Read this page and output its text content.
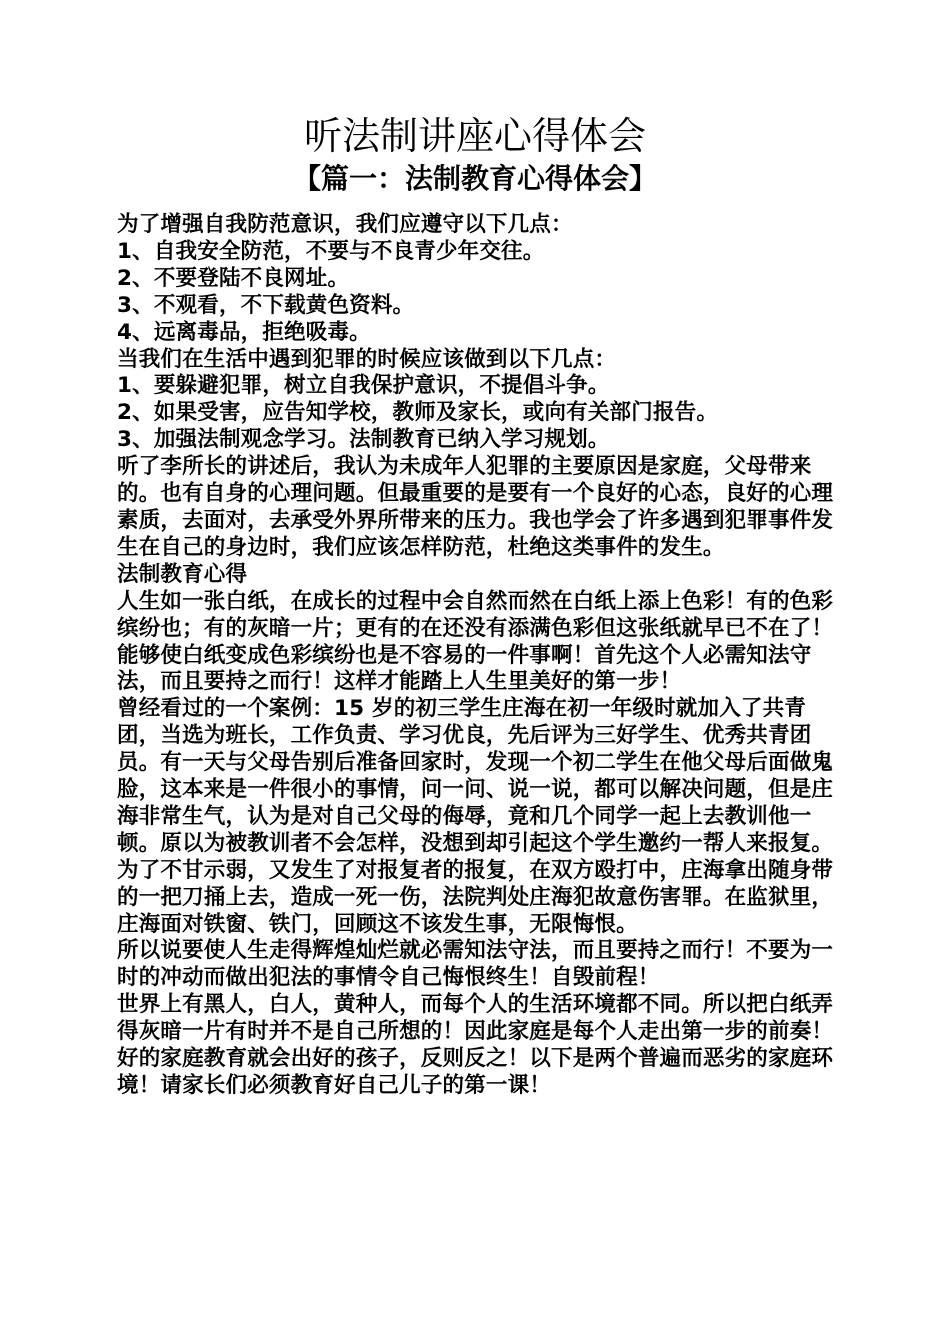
听法制讲座心得体会
【篇一：法制教育心得体会】

为了增强自我防范意识，我们应遵守以下几点：

1、自我安全防范，不要与不良青少年交往。

2、不要登陆不良网址。

3、不观看，不下载黄色资料。

4、远离毒品，拒绝吸毒。

当我们在生活中遇到犯罪的时候应该做到以下几点：

1、要躲避犯罪，树立自我保护意识，不提倡斗争。

2、如果受害，应告知学校，教师及家长，或向有关部门报告。

3、加强法制观念学习。法制教育已纳入学习规划。

听了李所长的讲述后，我认为未成年人犯罪的主要原因是家庭，父母带来的。也有自身的心理问题。但最重要的是要有一个良好的心态，良好的心理素质，去面对，去承受外界所带来的压力。我也学会了许多遇到犯罪事件发生在自己的身边时，我们应该怎样防范，杜绝这类事件的发生。

法制教育心得

人生如一张白纸，在成长的过程中会自然而然在白纸上添上色彩！有的色彩缤纷也；有的灰暗一片；更有的在还没有添满色彩但这张纸就早已不在了！

能够使白纸变成色彩缤纷也是不容易的一件事啊！首先这个人必需知法守法，而且要持之而行！这样才能踏上人生里美好的第一步！

曾经看过的一个案例：15 岁的初三学生庄海在初一年级时就加入了共青团，当选为班长，工作负责、学习优良，先后评为三好学生、优秀共青团员。有一天与父母告别后准备回家时，发现一个初二学生在他父母后面做鬼脸，这本来是一件很小的事情，问一问、说一说，都可以解决问题，但是庄海非常生气，认为是对自己父母的侮辱，竟和几个同学一起上去教训他一顿。原以为被教训者不会怎样，没想到却引起这个学生邀约一帮人来报复。为了不甘示弱，又发生了对报复者的报复，在双方殴打中，庄海拿出随身带的一把刀捅上去，造成一死一伤，法院判处庄海犯故意伤害罪。在监狱里，庄海面对铁窗、铁门，回顾这不该发生事，无限悔恨。

所以说要使人生走得辉煌灿烂就必需知法守法，而且要持之而行！不要为一时的冲动而做出犯法的事情令自己悔恨终生！自毁前程！

世界上有黑人，白人，黄种人，而每个人的生活环境都不同。所以把白纸弄得灰暗一片有时并不是自己所想的！因此家庭是每个人走出第一步的前奏！好的家庭教育就会出好的孩子，反则反之！以下是两个普遍而恶劣的家庭环境！请家长们必须教育好自己儿子的第一课！
